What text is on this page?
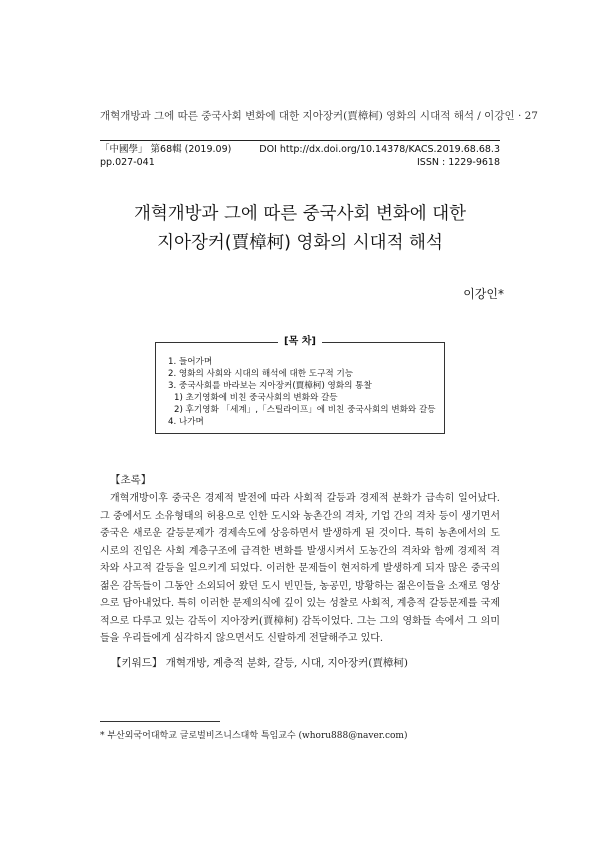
개혁개방과 그에 따른 중국사회 변화에 대한 지아장커(賈樟柯) 영화의 시대적 해석 / 이강인 · 27
「中國學」 第68輯 (2019.09)	DOI http://dx.doi.org/10.14378/KACS.2019.68.68.3
pp.027-041	ISSN : 1229-9618
개혁개방과 그에 따른 중국사회 변화에 대한
지아장커(賈樟柯) 영화의 시대적 해석
이강인*
[목 차]
1. 들어가며
2. 영화의 사회와 시대의 해석에 대한 도구적 기능
3. 중국사회를 바라보는 지아장커(賈樟柯) 영화의 통찰
1) 초기영화에 비친 중국사회의 변화와 갈등
2) 후기영화 「세계」,「스틸라이프」에 비친 중국사회의 변화와 갈등
4. 나가며
【초록】
개혁개방이후 중국은 경제적 발전에 따라 사회적 갈등과 경제적 분화가 급속히 일어났다. 그 중에서도 소유형태의 허용으로 인한 도시와 농촌간의 격차, 기업 간의 격차 등이 생기면서 중국은 새로운 갈등문제가 경제속도에 상응하면서 발생하게 된 것이다. 특히 농촌에서의 도시로의 진입은 사회 계층구조에 급격한 변화를 발생시켜서 도농간의 격차와 함께 경제적 격차와 사고적 갈등을 일으키게 되었다. 이러한 문제들이 현저하게 발생하게 되자 많은 중국의 젊은 감독들이 그동안 소외되어 왔던 도시 빈민들, 농공민, 방황하는 젊은이들을 소재로 영상으로 담아내었다. 특히 이러한 문제의식에 깊이 있는 성찰로 사회적, 계층적 갈등문제를 국제적으로 다루고 있는 감독이 지아장커(賈樟柯) 감독이었다. 그는 그의 영화들 속에서 그 의미들을 우리들에게 심각하지 않으면서도 신랄하게 전달해주고 있다.
【키워드】 개혁개방, 계층적 분화, 갈등, 시대, 지아장커(賈樟柯)
* 부산외국어대학교 글로벌비즈니스대학 특임교수 (whoru888@naver.com)
